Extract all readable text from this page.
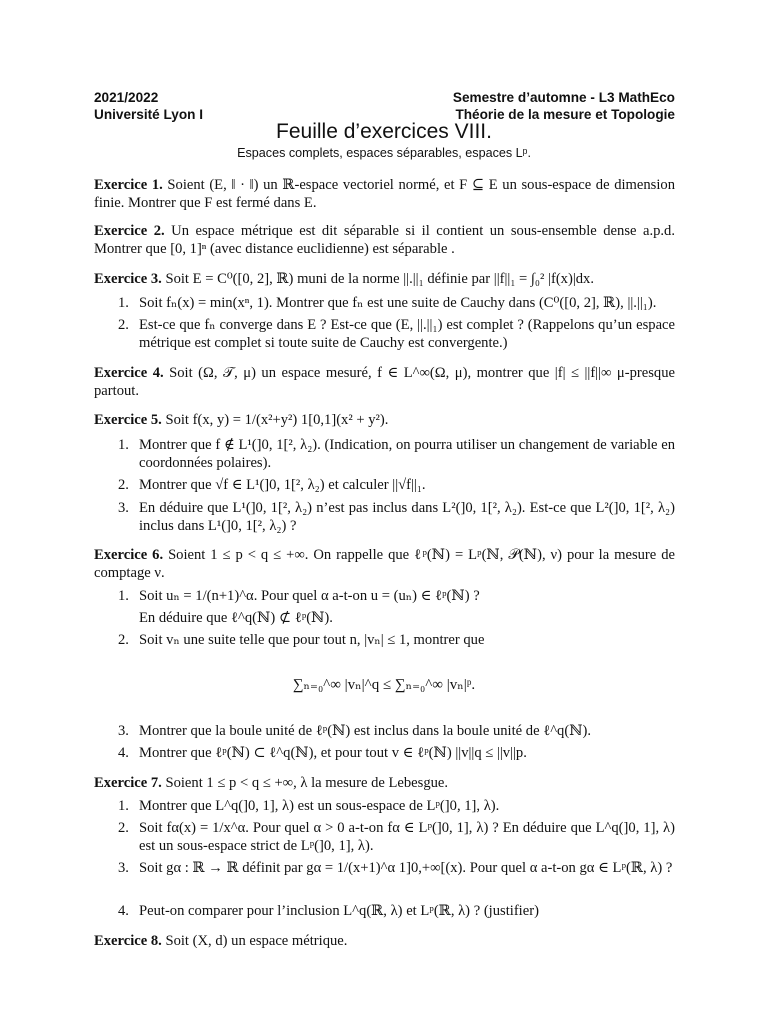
2021/2022	Semestre d’automne - L3 MathEco
Université Lyon I	Théorie de la mesure et Topologie
Feuille d’exercices VIII.
Espaces complets, espaces séparables, espaces Lᵖ.
Exercice 1. Soient (E, ‖ · ‖) un ℝ-espace vectoriel normé, et F ⊆ E un sous-espace de dimension finie. Montrer que F est fermé dans E.
Exercice 2. Un espace métrique est dit séparable si il contient un sous-ensemble dense a.p.d. Montrer que [0, 1]ⁿ (avec distance euclidienne) est séparable .
Exercice 3. Soit E = C⁰([0, 2], ℝ) muni de la norme ||.||₁ définie par ||f||₁ = ∫₀² |f(x)|dx.
1. Soit fₙ(x) = min(xⁿ, 1). Montrer que fₙ est une suite de Cauchy dans (C⁰([0, 2], ℝ), ||.||₁).
2. Est-ce que fₙ converge dans E ? Est-ce que (E, ||.||₁) est complet ? (Rappelons qu’un espace métrique est complet si toute suite de Cauchy est convergente.)
Exercice 4. Soit (Ω, 𝒯, μ) un espace mesuré, f ∈ L^∞(Ω, μ), montrer que |f| ≤ ||f||∞ μ-presque partout.
Exercice 5. Soit f(x, y) = 1/(x²+y²) 1[0,1](x² + y²).
1. Montrer que f ∉ L¹(]0, 1[², λ₂). (Indication, on pourra utiliser un changement de variable en coordonnées polaires).
2. Montrer que √f ∈ L¹(]0, 1[², λ₂) et calculer ||√f||₁.
3. En déduire que L¹(]0, 1[², λ₂) n’est pas inclus dans L²(]0, 1[², λ₂). Est-ce que L²(]0, 1[², λ₂) inclus dans L¹(]0, 1[², λ₂) ?
Exercice 6. Soient 1 ≤ p < q ≤ +∞. On rappelle que ℓᵖ(ℕ) = Lᵖ(ℕ, 𝒫(ℕ), ν) pour la mesure de comptage ν.
1. Soit uₙ = 1/(n+1)^α. Pour quel α a-t-on u = (uₙ) ∈ ℓᵖ(ℕ) ?
En déduire que ℓ^q(ℕ) ⊄ ℓᵖ(ℕ).
2. Soit vₙ une suite telle que pour tout n, |vₙ| ≤ 1, montrer que
∑ₙ₌₀^∞ |vₙ|^q ≤ ∑ₙ₌₀^∞ |vₙ|ᵖ.
3. Montrer que la boule unité de ℓᵖ(ℕ) est inclus dans la boule unité de ℓ^q(ℕ).
4. Montrer que ℓᵖ(ℕ) ⊂ ℓ^q(ℕ), et pour tout v ∈ ℓᵖ(ℕ) ||v||q ≤ ||v||p.
Exercice 7. Soient 1 ≤ p < q ≤ +∞, λ la mesure de Lebesgue.
1. Montrer que L^q(]0, 1], λ) est un sous-espace de Lᵖ(]0, 1], λ).
2. Soit fα(x) = 1/x^α. Pour quel α > 0 a-t-on fα ∈ Lᵖ(]0, 1], λ) ? En déduire que L^q(]0, 1], λ) est un sous-espace strict de Lᵖ(]0, 1], λ).
3. Soit gα : ℝ → ℝ définit par gα = 1/(x+1)^α 1]0,+∞[(x). Pour quel α a-t-on gα ∈ Lᵖ(ℝ, λ) ?
4. Peut-on comparer pour l’inclusion L^q(ℝ, λ) et Lᵖ(ℝ, λ) ? (justifier)
Exercice 8. Soit (X, d) un espace métrique.
